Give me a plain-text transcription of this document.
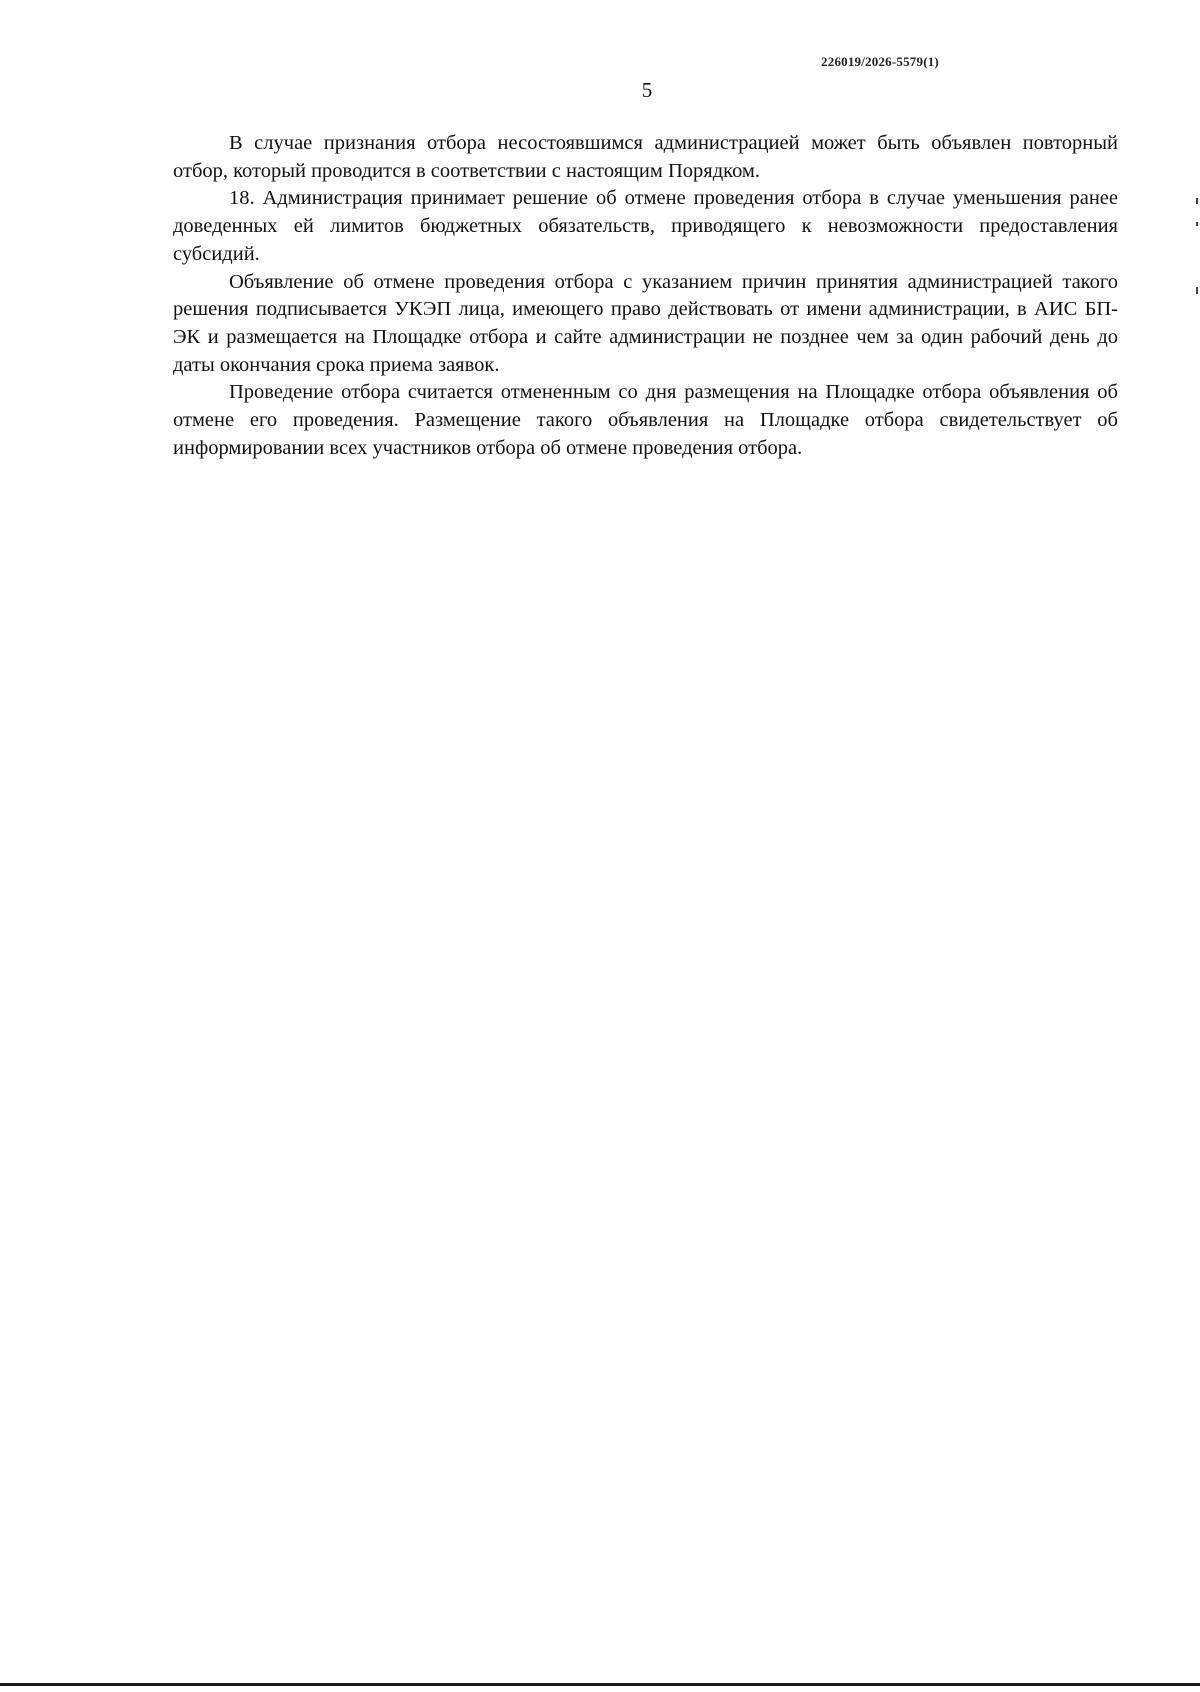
226019/2026-5579(1)
5

В случае признания отбора несостоявшимся администрацией может быть объявлен повторный отбор, который проводится в соответствии с настоящим Порядком.

18. Администрация принимает решение об отмене проведения отбора в случае уменьшения ранее доведенных ей лимитов бюджетных обязательств, приводящего к невозможности предоставления субсидий.

Объявление об отмене проведения отбора с указанием причин принятия администрацией такого решения подписывается УКЭП лица, имеющего право действовать от имени администрации, в АИС БП-ЭК и размещается на Площадке отбора и сайте администрации не позднее чем за один рабочий день до даты окончания срока приема заявок.

Проведение отбора считается отмененным со дня размещения на Площадке отбора объявления об отмене его проведения. Размещение такого объявления на Площадке отбора свидетельствует об информировании всех участников отбора об отмене проведения отбора.
